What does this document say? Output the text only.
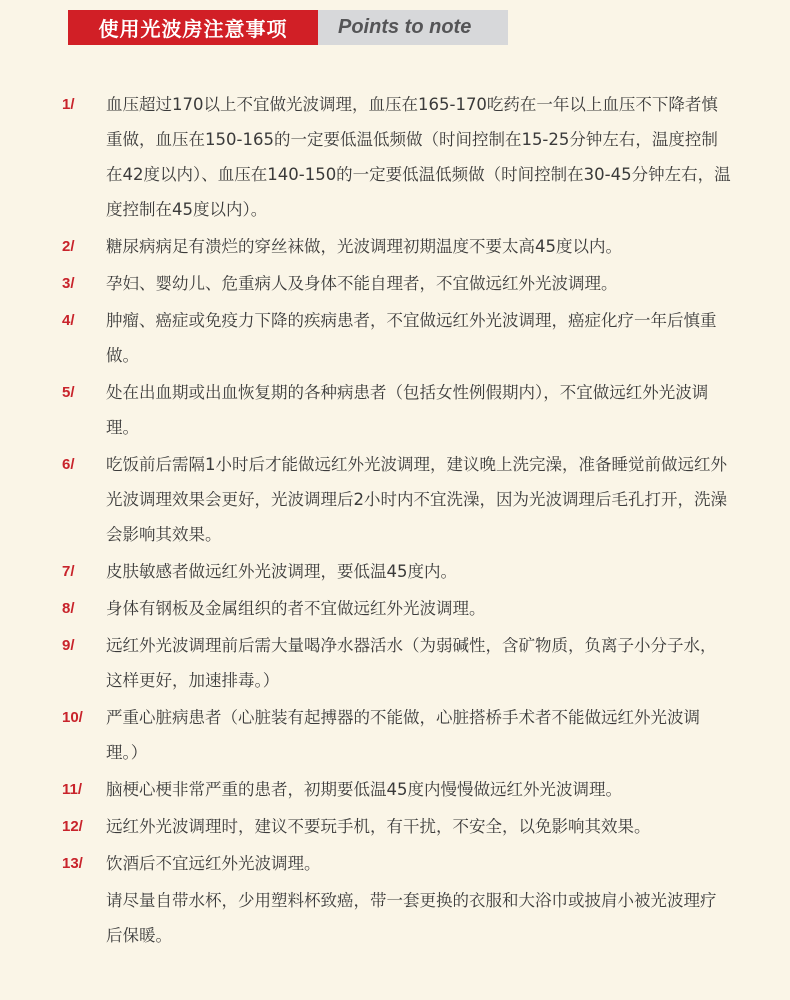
使用光波房注意事项	Points to note
1/	血压超过170以上不宜做光波调理，血压在165-170吃药在一年以上血压不下降者慎重做，血压在150-165的一定要低温低频做（时间控制在15-25分钟左右，温度控制在42度以内）、血压在140-150的一定要低温低频做（时间控制在30-45分钟左右，温度控制在45度以内）。
2/	糖尿病病足有溃烂的穿丝袜做，光波调理初期温度不要太高45度以内。
3/	孕妇、婴幼儿、危重病人及身体不能自理者，不宜做远红外光波调理。
4/	肿瘤、癌症或免疫力下降的疾病患者，不宜做远红外光波调理，癌症化疗一年后慎重做。
5/	处在出血期或出血恢复期的各种病患者（包括女性例假期内），不宜做远红外光波调理。
6/	吃饭前后需隔1小时后才能做远红外光波调理，建议晚上洗完澡，准备睡觉前做远红外光波调理效果会更好，光波调理后2小时内不宜洗澡，因为光波调理后毛孔打开，洗澡会影响其效果。
7/	皮肤敏感者做远红外光波调理，要低温45度内。
8/	身体有钢板及金属组织的者不宜做远红外光波调理。
9/	远红外光波调理前后需大量喝净水器活水（为弱碱性，含矿物质，负离子小分子水，这样更好，加速排毒。）
10/	严重心脏病患者（心脏装有起搏器的不能做，心脏搭桥手术者不能做远红外光波调理。）
11/	脑梗心梗非常严重的患者，初期要低温45度内慢慢做远红外光波调理。
12/	远红外光波调理时，建议不要玩手机，有干扰，不安全，以免影响其效果。
13/	饮酒后不宜远红外光波调理。
请尽量自带水杯，少用塑料杯致癌，带一套更换的衣服和大浴巾或披肩小被光波理疗后保暖。
